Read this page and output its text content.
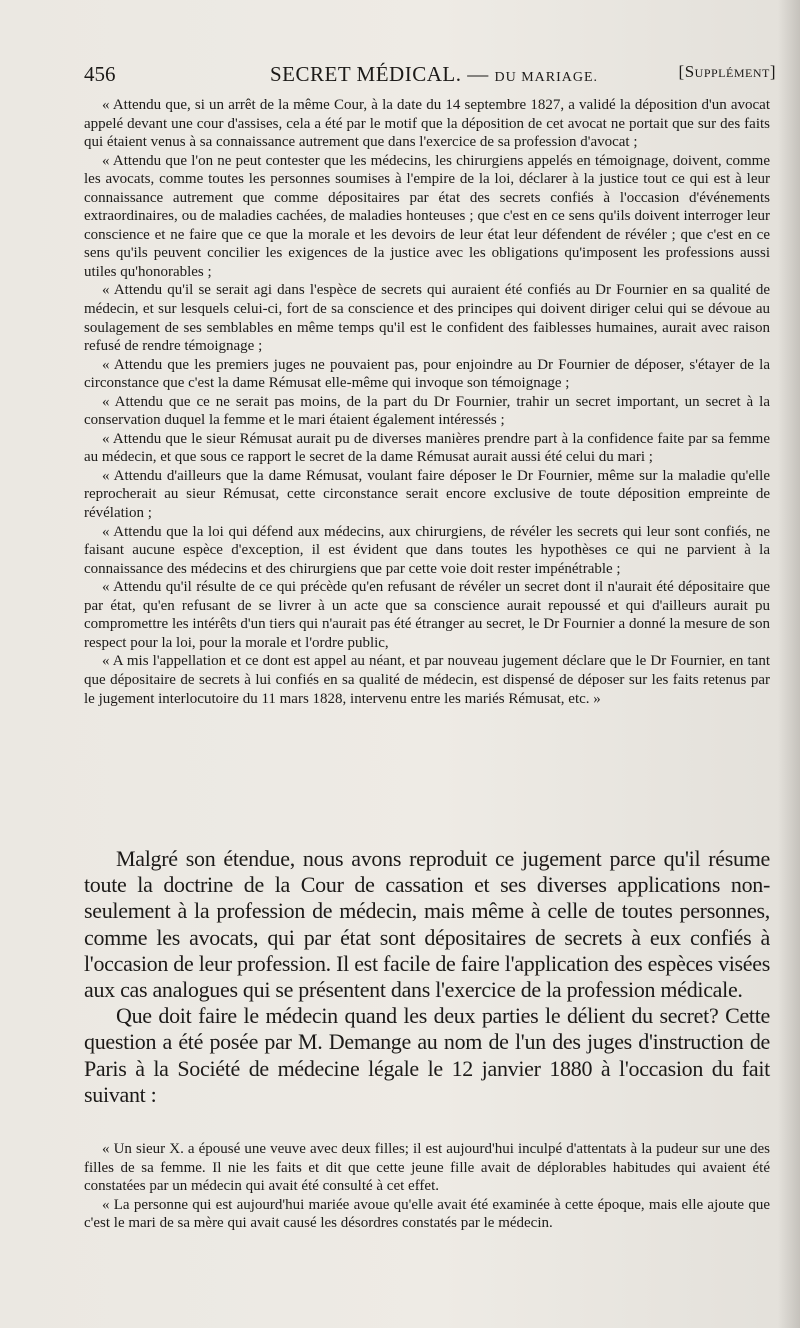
456	SECRET MÉDICAL. — DU MARIAGE.	[Supplément]

« Attendu que, si un arrêt de la même Cour, à la date du 14 septembre 1827, a validé la déposition d'un avocat appelé devant une cour d'assises, cela a été par le motif que la déposition de cet avocat ne portait que sur des faits qui étaient venus à sa connaissance autrement que dans l'exercice de sa profession d'avocat ;

« Attendu que l'on ne peut contester que les médecins, les chirurgiens appelés en témoignage, doivent, comme les avocats, comme toutes les personnes soumises à l'empire de la loi, déclarer à la justice tout ce qui est à leur connaissance autrement que comme dépositaires par état des secrets confiés à l'occasion d'événements extraordinaires, ou de maladies cachées, de maladies honteuses ; que c'est en ce sens qu'ils doivent interroger leur conscience et ne faire que ce que la morale et les devoirs de leur état leur défendent de révéler ; que c'est en ce sens qu'ils peuvent concilier les exigences de la justice avec les obligations qu'imposent les professions aussi utiles qu'honorables ;

« Attendu qu'il se serait agi dans l'espèce de secrets qui auraient été confiés au Dr Fournier en sa qualité de médecin, et sur lesquels celui-ci, fort de sa conscience et des principes qui doivent diriger celui qui se dévoue au soulagement de ses semblables en même temps qu'il est le confident des faiblesses humaines, aurait avec raison refusé de rendre témoignage ;

« Attendu que les premiers juges ne pouvaient pas, pour enjoindre au Dr Fournier de déposer, s'étayer de la circonstance que c'est la dame Rémusat elle-même qui invoque son témoignage ;

« Attendu que ce ne serait pas moins, de la part du Dr Fournier, trahir un secret important, un secret à la conservation duquel la femme et le mari étaient également intéressés ;

« Attendu que le sieur Rémusat aurait pu de diverses manières prendre part à la confidence faite par sa femme au médecin, et que sous ce rapport le secret de la dame Rémusat aurait aussi été celui du mari ;

« Attendu d'ailleurs que la dame Rémusat, voulant faire déposer le Dr Fournier, même sur la maladie qu'elle reprocherait au sieur Rémusat, cette circonstance serait encore exclusive de toute déposition empreinte de révélation ;

« Attendu que la loi qui défend aux médecins, aux chirurgiens, de révéler les secrets qui leur sont confiés, ne faisant aucune espèce d'exception, il est évident que dans toutes les hypothèses ce qui ne parvient à la connaissance des médecins et des chirurgiens que par cette voie doit rester impénétrable ;

« Attendu qu'il résulte de ce qui précède qu'en refusant de révéler un secret dont il n'aurait été dépositaire que par état, qu'en refusant de se livrer à un acte que sa conscience aurait repoussé et qui d'ailleurs aurait pu compromettre les intérêts d'un tiers qui n'aurait pas été étranger au secret, le Dr Fournier a donné la mesure de son respect pour la loi, pour la morale et l'ordre public,

« A mis l'appellation et ce dont est appel au néant, et par nouveau jugement déclare que le Dr Fournier, en tant que dépositaire de secrets à lui confiés en sa qualité de médecin, est dispensé de déposer sur les faits retenus par le jugement interlocutoire du 11 mars 1828, intervenu entre les mariés Rémusat, etc. »

Malgré son étendue, nous avons reproduit ce jugement parce qu'il résume toute la doctrine de la Cour de cassation et ses diverses applications non-seulement à la profession de médecin, mais même à celle de toutes personnes, comme les avocats, qui par état sont dépositaires de secrets à eux confiés à l'occasion de leur profession. Il est facile de faire l'application des espèces visées aux cas analogues qui se présentent dans l'exercice de la profession médicale.

Que doit faire le médecin quand les deux parties le délient du secret? Cette question a été posée par M. Demange au nom de l'un des juges d'instruction de Paris à la Société de médecine légale le 12 janvier 1880 à l'occasion du fait suivant :

« Un sieur X. a épousé une veuve avec deux filles; il est aujourd'hui inculpé d'attentats à la pudeur sur une des filles de sa femme. Il nie les faits et dit que cette jeune fille avait de déplorables habitudes qui avaient été constatées par un médecin qui avait été consulté à cet effet.

« La personne qui est aujourd'hui mariée avoue qu'elle avait été examinée à cette époque, mais elle ajoute que c'est le mari de sa mère qui avait causé les désordres constatés par le médecin.
